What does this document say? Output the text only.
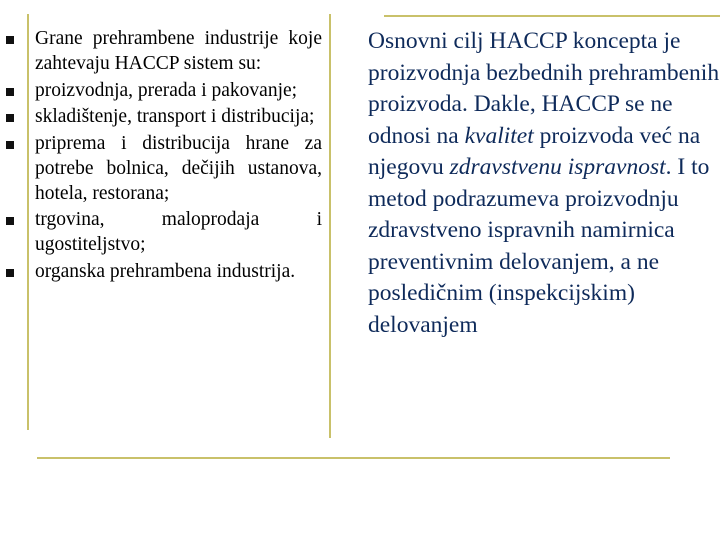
Grane prehrambene industrije koje zahtevaju HACCP sistem su:
proizvodnja, prerada i pakovanje;
skladištenje, transport i distribucija;
priprema i distribucija hrane za potrebe bolnica, dečijih ustanova, hotela, restorana;
trgovina, maloprodaja i ugostiteljstvo;
organska prehrambena industrija.
Osnovni cilj HACCP koncepta je proizvodnja bezbednih prehrambenih proizvoda. Dakle, HACCP se ne odnosi na kvalitet proizvoda već na njegovu zdravstvenu ispravnost. I to metod podrazumeva proizvodnju zdravstveno ispravnih namirnica preventivnim delovanjem, a ne posledičnim (inspekcijskim) delovanjem
